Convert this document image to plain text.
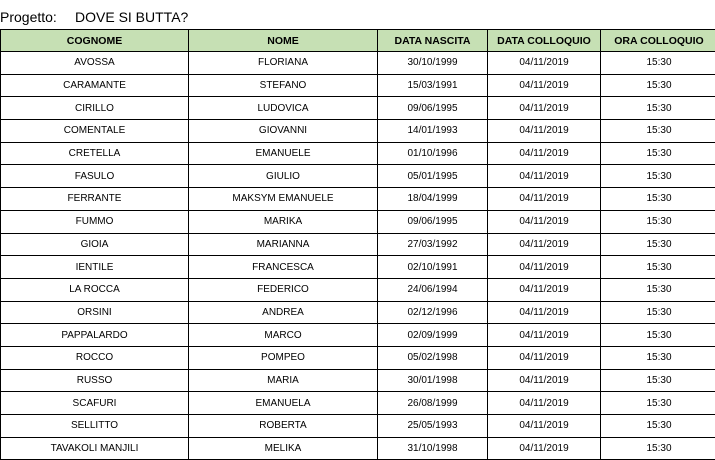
Progetto: DOVE SI BUTTA?
COGNOME	NOME	DATA NASCITA	DATA COLLOQUIO	ORA COLLOQUIO
AVOSSA	FLORIANA	30/10/1999	04/11/2019	15:30
CARAMANTE	STEFANO	15/03/1991	04/11/2019	15:30
CIRILLO	LUDOVICA	09/06/1995	04/11/2019	15:30
COMENTALE	GIOVANNI	14/01/1993	04/11/2019	15:30
CRETELLA	EMANUELE	01/10/1996	04/11/2019	15:30
FASULO	GIULIO	05/01/1995	04/11/2019	15:30
FERRANTE	MAKSYM EMANUELE	18/04/1999	04/11/2019	15:30
FUMMO	MARIKA	09/06/1995	04/11/2019	15:30
GIOIA	MARIANNA	27/03/1992	04/11/2019	15:30
IENTILE	FRANCESCA	02/10/1991	04/11/2019	15:30
LA ROCCA	FEDERICO	24/06/1994	04/11/2019	15:30
ORSINI	ANDREA	02/12/1996	04/11/2019	15:30
PAPPALARDO	MARCO	02/09/1999	04/11/2019	15:30
ROCCO	POMPEO	05/02/1998	04/11/2019	15:30
RUSSO	MARIA	30/01/1998	04/11/2019	15:30
SCAFURI	EMANUELA	26/08/1999	04/11/2019	15:30
SELLITTO	ROBERTA	25/05/1993	04/11/2019	15:30
TAVAKOLI MANJILI	MELIKA	31/10/1998	04/11/2019	15:30
